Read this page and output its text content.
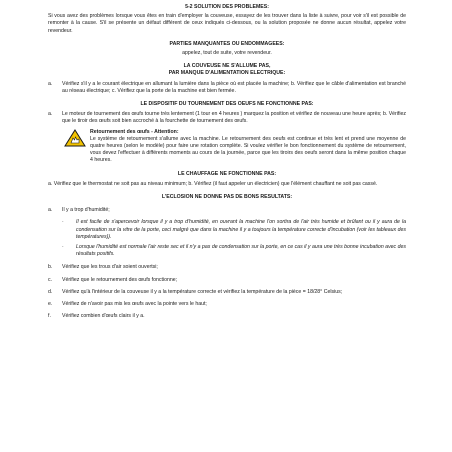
5-2 SOLUTION DES PROBLEMES:

Si vous avez des problèmes lorsque vous êtes en train d'employer la couveuse, essayez de les trouver dans la liste à suivre, pour voir s'il est possible de remonter à la cause. S'il se présente un défaut différent de ceux indiqués ci-dessous, ou la solution proposée ne donne aucun résultat, appelez votre revendeur.

PARTIES MANQUANTES OU ENDOMMAGEES:

appelez, tout de suite, votre revendeur.

LA COUVEUSE NE S'ALLUME PAS,

PAR MANQUE D'ALIMENTATION ELECTRIQUE:

a.	Vérifiez s'il y a le courant électrique en allumant la lumière dans la pièce où est placée la machine; b. Vérifiez que le câble d'alimentation est branché au réseau électrique; c. Vérifiez que la porte de la machine est bien fermée.

LE DISPOSITIF DU TOURNEMENT DES OEUFS NE FONCTIONNE PAS:

a.	Le moteur de tournement des œufs tourne très lentement (1 tour en 4 heures ) marquez la position et vérifiez de nouveau une heure après; b. Vérifiez que le tiroir des œufs soit bien accroché à la fourchette de tournement des œufs.
Retournement des œufs - Attention:
Le système de retournement s'allume avec la machine. Le retournement des oeufs est continue et très lent et prend une moyenne de quatre heures (selon le modèle) pour faire une rotation complète. Si voulez vérifier le bon fonctionnement du système de retournement, vous devez l'effectuer à différents moments au cours de la journée, parce que les tiroirs des oeufs seront dans la même position chaque 4 heures.

LE CHAUFFAGE NE FONCTIONNE PAS:

a. Vérifiez que le thermostat ne soit pas au niveau minimum; b. Vérifiez (il faut appeler un électricien) que l'élément chauffant ne soit pas cassé.

L'ECLOSION NE DONNE PAS DE BONS RESULTATS:

a.	Il y a trop d'humidité;
·	Il est facile de s'apercevoir lorsque il y a trop d'humidité, en ouvrant la machine l'on sortira de l'air très humide et brûlant ou il y aura de la condensation sur la vitre de la porte, ceci malgré que dans la machine il y a toujours la température correcte d'incubation (voir les tableaux des températures)).
·	Lorsque l'humidité est normale l'air reste sec et il n'y a pas de condensation sur la porte, en ce cas il y aura une très bonne incubation avec des résultats positifs.
b.	Vérifiez que les trous d'air soient ouvertsi;
c.	Vérifiez que le retournement des œufs fonctionne;
d.	Vérifiez qu'à l'intérieur de la couveuse il y a la température correcte et vérifiez la température de la pièce = 18/28° Celsius;
e.	Vérifiez de n'avoir pas mis les œufs avec la pointe vers le haut;
f.	Vérifiez combien d'œufs clairs il y a.
